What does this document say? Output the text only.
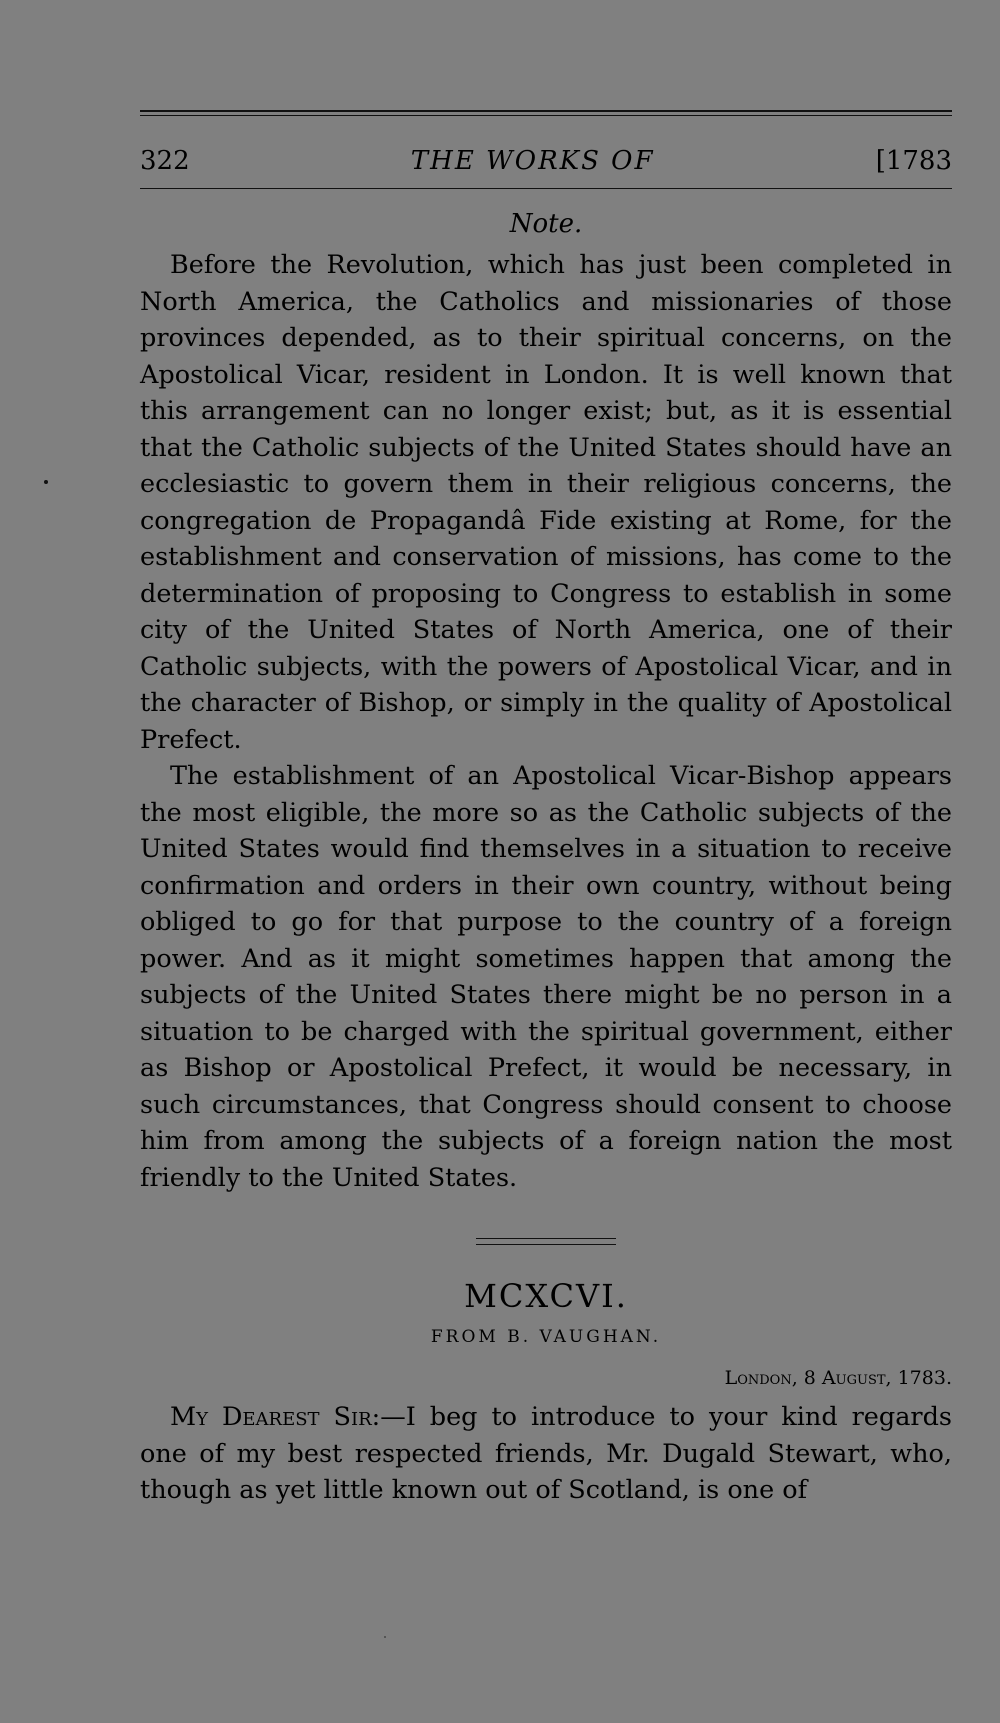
322	THE WORKS OF	[1783
Note.

Before the Revolution, which has just been completed in North America, the Catholics and missionaries of those provinces depended, as to their spiritual concerns, on the Apostolical Vicar, resident in London. It is well known that this arrangement can no longer exist; but, as it is essential that the Catholic subjects of the United States should have an ecclesiastic to govern them in their religious concerns, the congregation de Propagandâ Fide existing at Rome, for the establishment and conservation of missions, has come to the determination of proposing to Congress to establish in some city of the United States of North America, one of their Catholic subjects, with the powers of Apostolical Vicar, and in the character of Bishop, or simply in the quality of Apostolical Prefect.

The establishment of an Apostolical Vicar-Bishop appears the most eligible, the more so as the Catholic subjects of the United States would find themselves in a situation to receive confirmation and orders in their own country, without being obliged to go for that purpose to the country of a foreign power. And as it might sometimes happen that among the subjects of the United States there might be no person in a situation to be charged with the spiritual government, either as Bishop or Apostolical Prefect, it would be necessary, in such circumstances, that Congress should consent to choose him from among the subjects of a foreign nation the most friendly to the United States.

MCXCVI.
FROM B. VAUGHAN.
London, 8 August, 1783.

My Dearest Sir:—I beg to introduce to your kind regards one of my best respected friends, Mr. Dugald Stewart, who, though as yet little known out of Scotland, is one of
